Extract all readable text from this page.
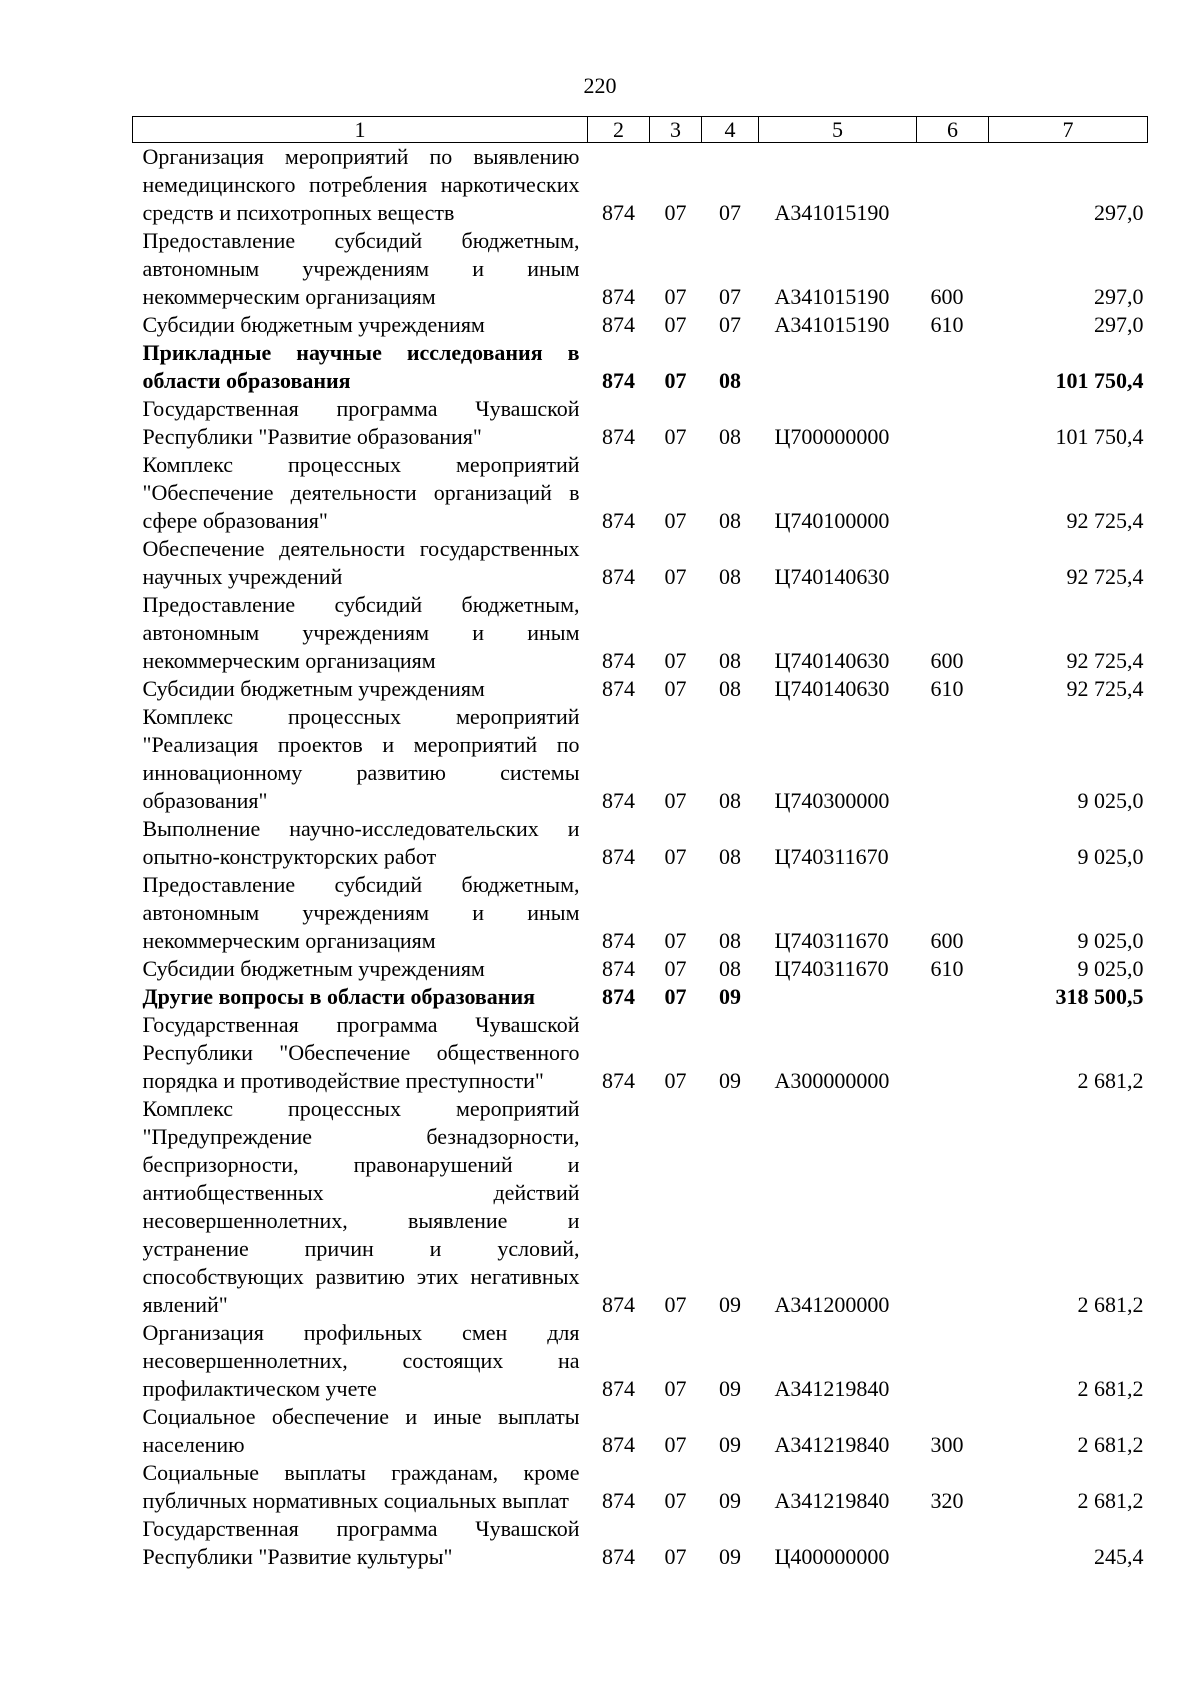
220
1	2	3	4	5	6	7
Организация мероприятий по выявлению немедицинского потребления наркотических средств и психотропных веществ	874	07	07	А341015190		297,0
Предоставление субсидий бюджетным, автономным учреждениям и иным некоммерческим организациям	874	07	07	А341015190	600	297,0
Субсидии бюджетным учреждениям	874	07	07	А341015190	610	297,0
Прикладные научные исследования в области образования	874	07	08			101 750,4
Государственная программа Чувашской Республики "Развитие образования"	874	07	08	Ц700000000		101 750,4
Комплекс процессных мероприятий "Обеспечение деятельности организаций в сфере образования"	874	07	08	Ц740100000		92 725,4
Обеспечение деятельности государственных научных учреждений	874	07	08	Ц740140630		92 725,4
Предоставление субсидий бюджетным, автономным учреждениям и иным некоммерческим организациям	874	07	08	Ц740140630	600	92 725,4
Субсидии бюджетным учреждениям	874	07	08	Ц740140630	610	92 725,4
Комплекс процессных мероприятий "Реализация проектов и мероприятий по инновационному развитию системы образования"	874	07	08	Ц740300000		9 025,0
Выполнение научно-исследовательских и опытно-конструкторских работ	874	07	08	Ц740311670		9 025,0
Предоставление субсидий бюджетным, автономным учреждениям и иным некоммерческим организациям	874	07	08	Ц740311670	600	9 025,0
Субсидии бюджетным учреждениям	874	07	08	Ц740311670	610	9 025,0
Другие вопросы в области образования	874	07	09			318 500,5
Государственная программа Чувашской Республики "Обеспечение общественного порядка и противодействие преступности"	874	07	09	А300000000		2 681,2
Комплекс процессных мероприятий "Предупреждение безнадзорности, беспризорности, правонарушений и антиобщественных действий несовершеннолетних, выявление и устранение причин и условий, способствующих развитию этих негативных явлений"	874	07	09	А341200000		2 681,2
Организация профильных смен для несовершеннолетних, состоящих на профилактическом учете	874	07	09	А341219840		2 681,2
Социальное обеспечение и иные выплаты населению	874	07	09	А341219840	300	2 681,2
Социальные выплаты гражданам, кроме публичных нормативных социальных выплат	874	07	09	А341219840	320	2 681,2
Государственная программа Чувашской Республики "Развитие культуры"	874	07	09	Ц400000000		245,4
